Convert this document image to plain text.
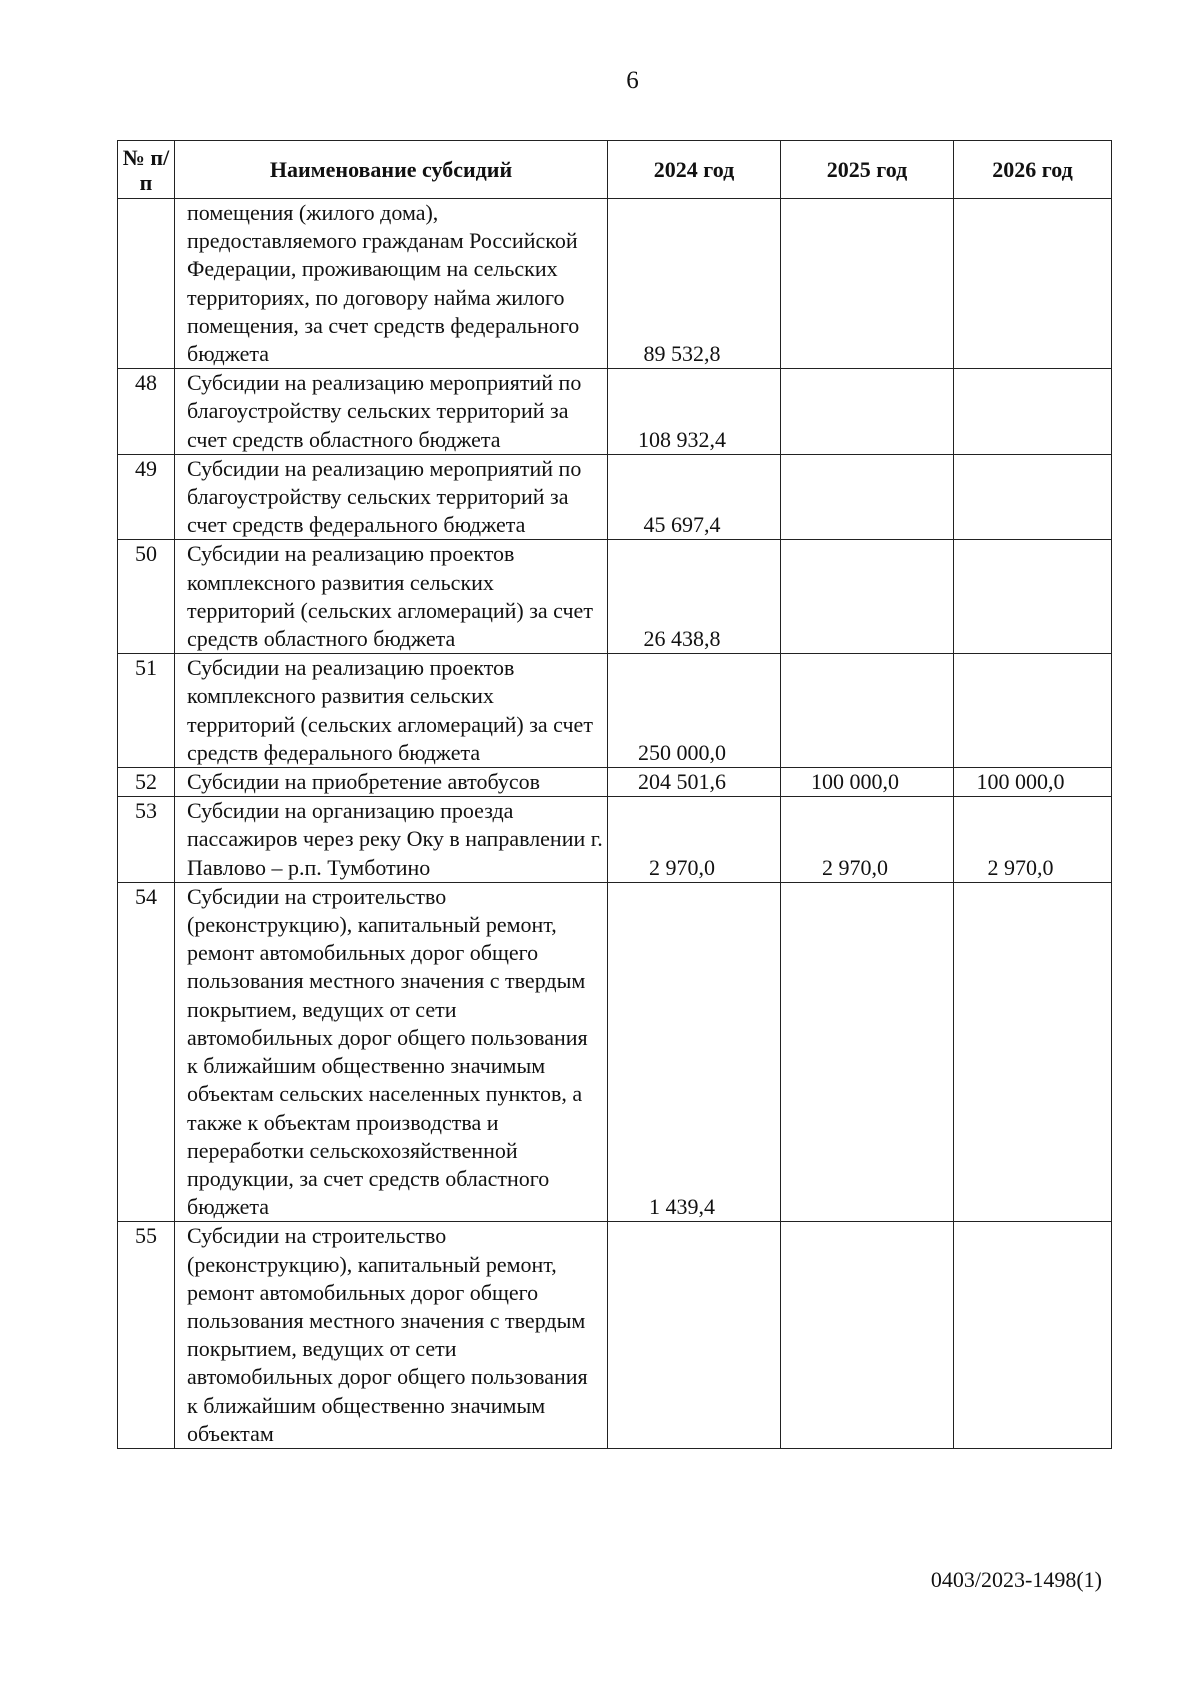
6
№ п/п	Наименование субсидий	2024 год	2025 год	2026 год
	помещения (жилого дома), предоставляемого гражданам Российской Федерации, проживающим на сельских территориях, по договору найма жилого помещения, за счет средств федерального бюджета	89 532,8		
48	Субсидии на реализацию мероприятий по благоустройству сельских территорий за счет средств областного бюджета	108 932,4		
49	Субсидии на реализацию мероприятий по благоустройству сельских территорий за счет средств федерального бюджета	45 697,4		
50	Субсидии на реализацию проектов комплексного развития сельских территорий (сельских агломераций) за счет средств областного бюджета	26 438,8		
51	Субсидии на реализацию проектов комплексного развития сельских территорий (сельских агломераций) за счет средств федерального бюджета	250 000,0		
52	Субсидии на приобретение автобусов	204 501,6	100 000,0	100 000,0
53	Субсидии на организацию проезда пассажиров через реку Оку в направлении г. Павлово – р.п. Тумботино	2 970,0	2 970,0	2 970,0
54	Субсидии на строительство (реконструкцию), капитальный ремонт, ремонт автомобильных дорог общего пользования местного значения с твердым покрытием, ведущих от сети автомобильных дорог общего пользования к ближайшим общественно значимым объектам сельских населенных пунктов, а также к объектам производства и переработки сельскохозяйственной продукции, за счет средств областного бюджета	1 439,4		
55	Субсидии на строительство (реконструкцию), капитальный ремонт, ремонт автомобильных дорог общего пользования местного значения с твердым покрытием, ведущих от сети автомобильных дорог общего пользования к ближайшим общественно значимым объектам			
0403/2023-1498(1)
